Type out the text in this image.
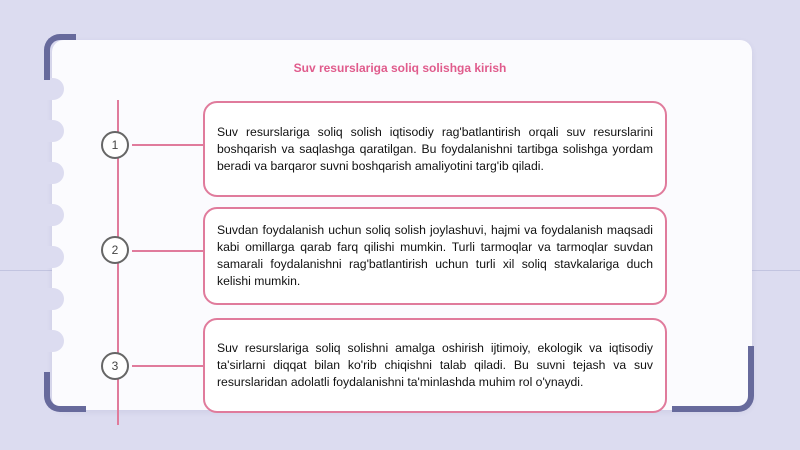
Suv resurslariga soliq solishga kirish
1
2
3

Suv resurslariga soliq solish iqtisodiy rag'batlantirish orqali suv resurslarini boshqarish va saqlashga qaratilgan. Bu foydalanishni tartibga solishga yordam beradi va barqaror suvni boshqarish amaliyotini targ'ib qiladi.

Suvdan foydalanish uchun soliq solish joylashuvi, hajmi va foydalanish maqsadi kabi omillarga qarab farq qilishi mumkin. Turli tarmoqlar va tarmoqlar suvdan samarali foydalanishni rag'batlantirish uchun turli xil soliq stavkalariga duch kelishi mumkin.

Suv resurslariga soliq solishni amalga oshirish ijtimoiy, ekologik va iqtisodiy ta'sirlarni diqqat bilan ko'rib chiqishni talab qiladi. Bu suvni tejash va suv resurslaridan adolatli foydalanishni ta'minlashda muhim rol o'ynaydi.
